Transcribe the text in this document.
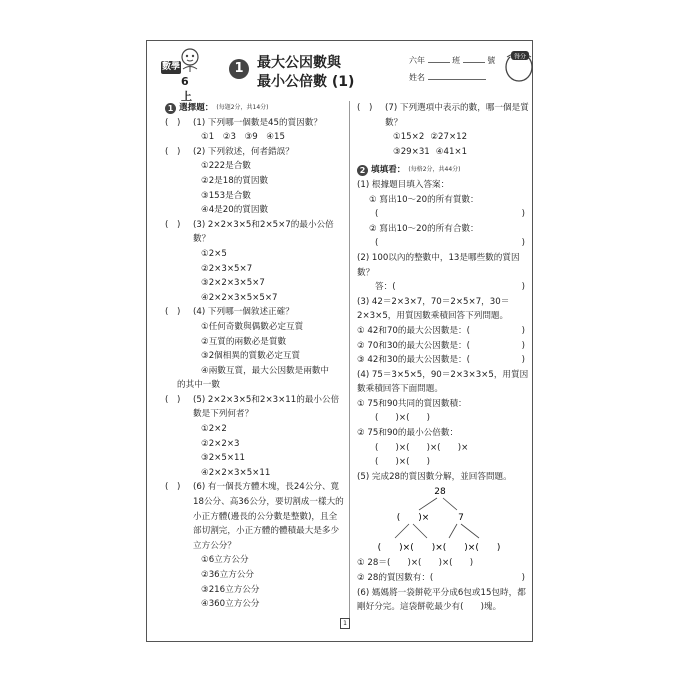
數學
6上
1 最大公因數與
最小公倍數 (1)
六年	班	號
姓名
得分
1 選擇題： (每題2分，共14分)
(　)	(1) 下列哪一個數是45的質因數？
①1　②3　③9　④15
(　)	(2) 下列敘述，何者錯誤？
①222是合數
②2是18的質因數
③153是合數
④4是20的質因數
(　)	(3) 2×2×3×5和2×5×7的最小公倍數？
①2×5
②2×3×5×7
③2×2×3×5×7
④2×2×3×5×5×7
(　)	(4) 下列哪一個敘述正確？
①任何奇數與偶數必定互質
②互質的兩數必是質數
③2個相異的質數必定互質
④兩數互質，最大公因數是兩數中
的其中一數
(　)	(5) 2×2×3×5和2×3×11的最小公倍數是下列何者？
①2×2
②2×2×3
③2×5×11
④2×2×3×5×11
(　)	(6) 有一個長方體木塊，長24公分、寬18公分、高36公分，要切割成一樣大的小正方體(邊長的公分數是整數)，且全部切割完，小正方體的體積最大是多少立方公分？
①6立方公分
②36立方公分
③216立方公分
④360立方公分
(　)	(7) 下列選項中表示的數，哪一個是質數？
①15×2 ②27×12
③29×31 ④41×1
2 填填看： (每格2分，共44分)
(1) 根據題目填入答案：
① 寫出10～20的所有質數：
(	)
② 寫出10～20的所有合數：
(	)
(2) 100以內的整數中，13是哪些數的質因數？
答：(	)
(3) 42＝2×3×7，70＝2×5×7，30＝2×3×5，用質因數乘積回答下列問題。
① 42和70的最大公因數是：(	)
② 70和30的最大公因數是：(	)
③ 42和30的最大公因數是：(	)
(4) 75＝3×5×5，90＝2×3×3×5，用質因數乘積回答下面問題。
① 75和90共同的質因數積：
(　　)×(　　)
② 75和90的最小公倍數：
(　　)×(　　)×(　　)×
(　　)×(　　)
(5) 完成28的質因數分解，並回答問題。
28
(　　)×	7
(　　)×(　　)×(　　)×(　　)
① 28＝(　　)×(　　)×(　　)
② 28的質因數有：(	)
(6) 媽媽將一袋餅乾平分成6包或15包時，都剛好分完。這袋餅乾最少有(　　)塊。
1
